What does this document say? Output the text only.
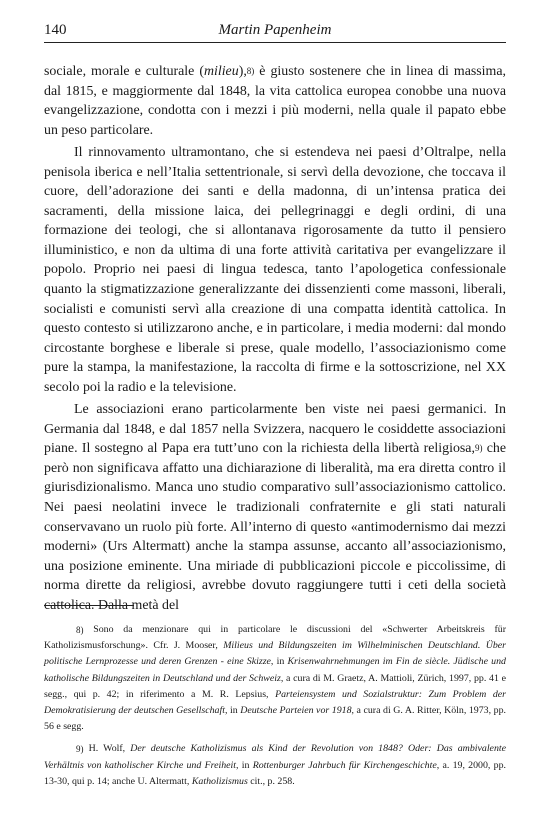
140	Martin Papenheim

sociale, morale e culturale (milieu),$^{8)}$ è giusto sostenere che in linea di massima, dal 1815, e maggiormente dal 1848, la vita cattolica europea conobbe una nuova evangelizzazione, condotta con i mezzi i più moderni, nella quale il papato ebbe un peso particolare.

Il rinnovamento ultramontano, che si estendeva nei paesi d’Oltralpe, nella penisola iberica e nell’Italia settentrionale, si servì della devozione, che toccava il cuore, dell’adorazione dei santi e della madonna, di un’intensa pratica dei sacramenti, della missione laica, dei pellegrinaggi e degli ordini, di una formazione dei teologi, che si allontanava rigorosamente da tutto il pensiero illuministico, e non da ultima di una forte attività caritativa per evangelizzare il popolo. Proprio nei paesi di lingua tedesca, tanto l’apologetica confessionale quanto la stigmatizzazione generalizzante dei dissenzienti come massoni, liberali, socialisti e comunisti servì alla creazione di una compatta identità cattolica. In questo contesto si utilizzarono anche, e in particolare, i media moderni: dal mondo circostante borghese e liberale si prese, quale modello, l’associazionismo come pure la stampa, la manifestazione, la raccolta di firme e la sottoscrizione, nel XX secolo poi la radio e la televisione.

Le associazioni erano particolarmente ben viste nei paesi germanici. In Germania dal 1848, e dal 1857 nella Svizzera, nacquero le cosiddette associazioni piane. Il sostegno al Papa era tutt’uno con la richiesta della libertà religiosa,$^{9)}$ che però non significava affatto una dichiarazione di liberalità, ma era diretta contro il giurisdizionalismo. Manca uno studio comparativo sull’associazionismo cattolico. Nei paesi neolatini invece le tradizionali confraternite e gli stati naturali conservavano un ruolo più forte. All’interno di questo «antimodernismo dai mezzi moderni» (Urs Altermatt) anche la stampa assunse, accanto all’associazionismo, una posizione eminente. Una miriade di pubblicazioni piccole e piccolissime, di norma dirette da religiosi, avrebbe dovuto raggiungere tutti i ceti della società cattolica. Dalla metà del

8) Sono da menzionare qui in particolare le discussioni del «Schwerter Arbeitskreis für Katholizismusforschung». Cfr. J. Mooser, Milieus und Bildungszeiten im Wilhelminischen Deutschland. Über politische Lernprozesse und deren Grenzen - eine Skizze, in Krisenwahrnehmungen im Fin de siècle. Jüdische und katholische Bildungszeiten in Deutschland und der Schweiz, a cura di M. Graetz, A. Mattioli, Zürich, 1997, pp. 41 e segg., qui p. 42; in riferimento a M. R. Lepsius, Parteiensystem und Sozialstruktur: Zum Problem der Demokratisierung der deutschen Gesellschaft, in Deutsche Parteien vor 1918, a cura di G. A. Ritter, Köln, 1973, pp. 56 e segg.

9) H. Wolf, Der deutsche Katholizismus als Kind der Revolution von 1848? Oder: Das ambivalente Verhältnis von katholischer Kirche und Freiheit, in Rottenburger Jahrbuch für Kirchengeschichte, a. 19, 2000, pp. 13-30, qui p. 14; anche U. Altermatt, Katholizismus cit., p. 258.
